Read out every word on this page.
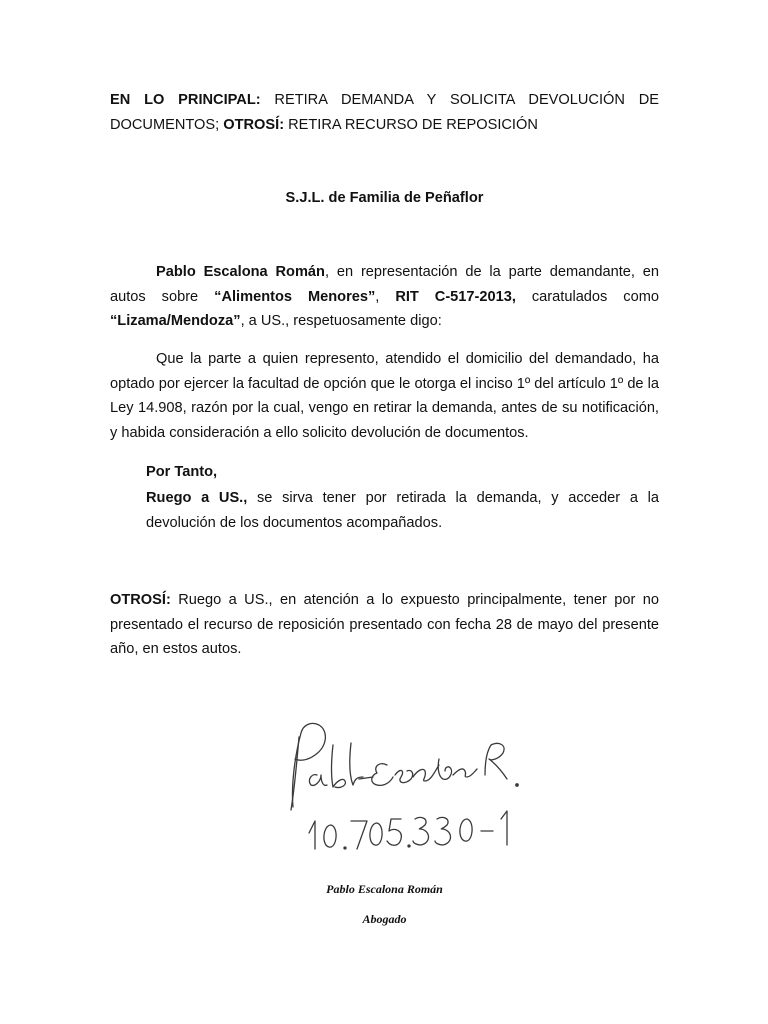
EN LO PRINCIPAL: RETIRA DEMANDA Y SOLICITA DEVOLUCIÓN DE DOCUMENTOS; OTROSÍ: RETIRA RECURSO DE REPOSICIÓN
S.J.L. de Familia de Peñaflor
Pablo Escalona Román, en representación de la parte demandante, en autos sobre “Alimentos Menores”, RIT C-517-2013, caratulados como “Lizama/Mendoza”, a US., respetuosamente digo:
Que la parte a quien represento, atendido el domicilio del demandado, ha optado por ejercer la facultad de opción que le otorga el inciso 1º del artículo 1º de la Ley 14.908, razón por la cual, vengo en retirar la demanda, antes de su notificación, y habida consideración a ello solicito devolución de documentos.
Por Tanto,
Ruego a US., se sirva tener por retirada la demanda, y acceder a la devolución de los documentos acompañados.
OTROSÍ: Ruego a US., en atención a lo expuesto principalmente, tener por no presentado el recurso de reposición presentado con fecha 28 de mayo del presente año, en estos autos.
Pablo Escalona Román
Abogado
